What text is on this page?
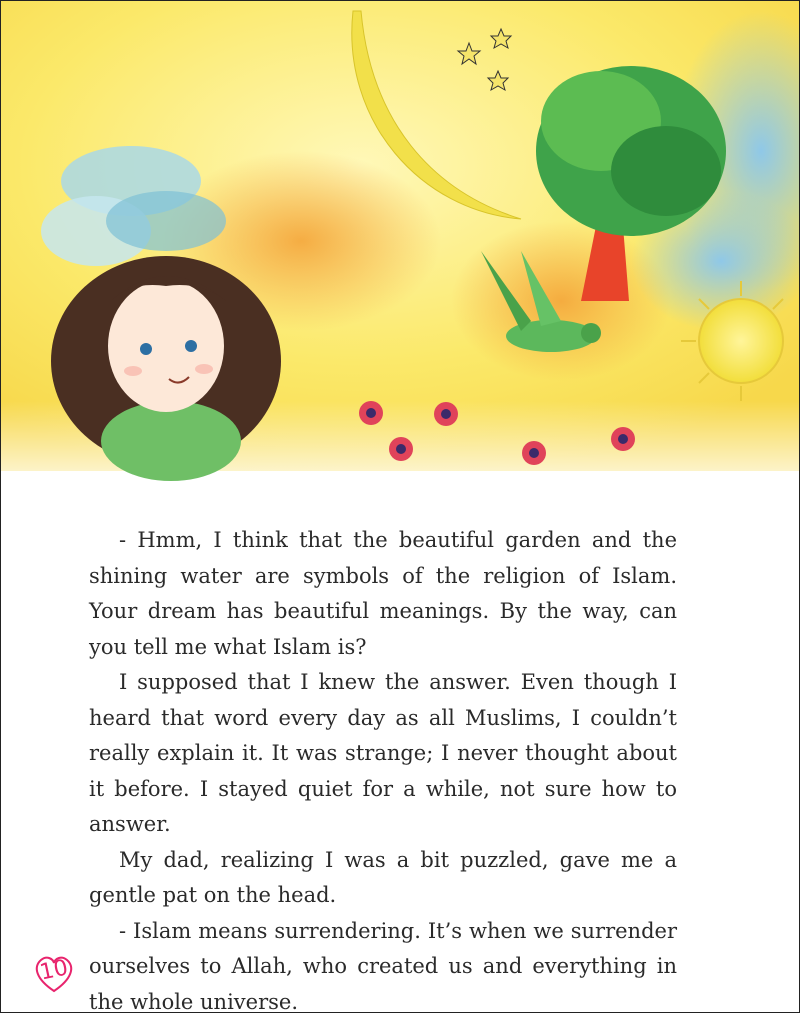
- Hmm, I think that the beautiful garden and the shining water are symbols of the religion of Islam. Your dream has beautiful meanings. By the way, can you tell me what Islam is?

I supposed that I knew the answer. Even though I heard that word every day as all Muslims, I couldn’t really explain it. It was strange; I never thought about it before. I stayed quiet for a while, not sure how to answer.

My dad, realizing I was a bit puzzled, gave me a gentle pat on the head.

- Islam means surrendering. It’s when we surrender ourselves to Allah, who created us and everything in the whole universe.

10
